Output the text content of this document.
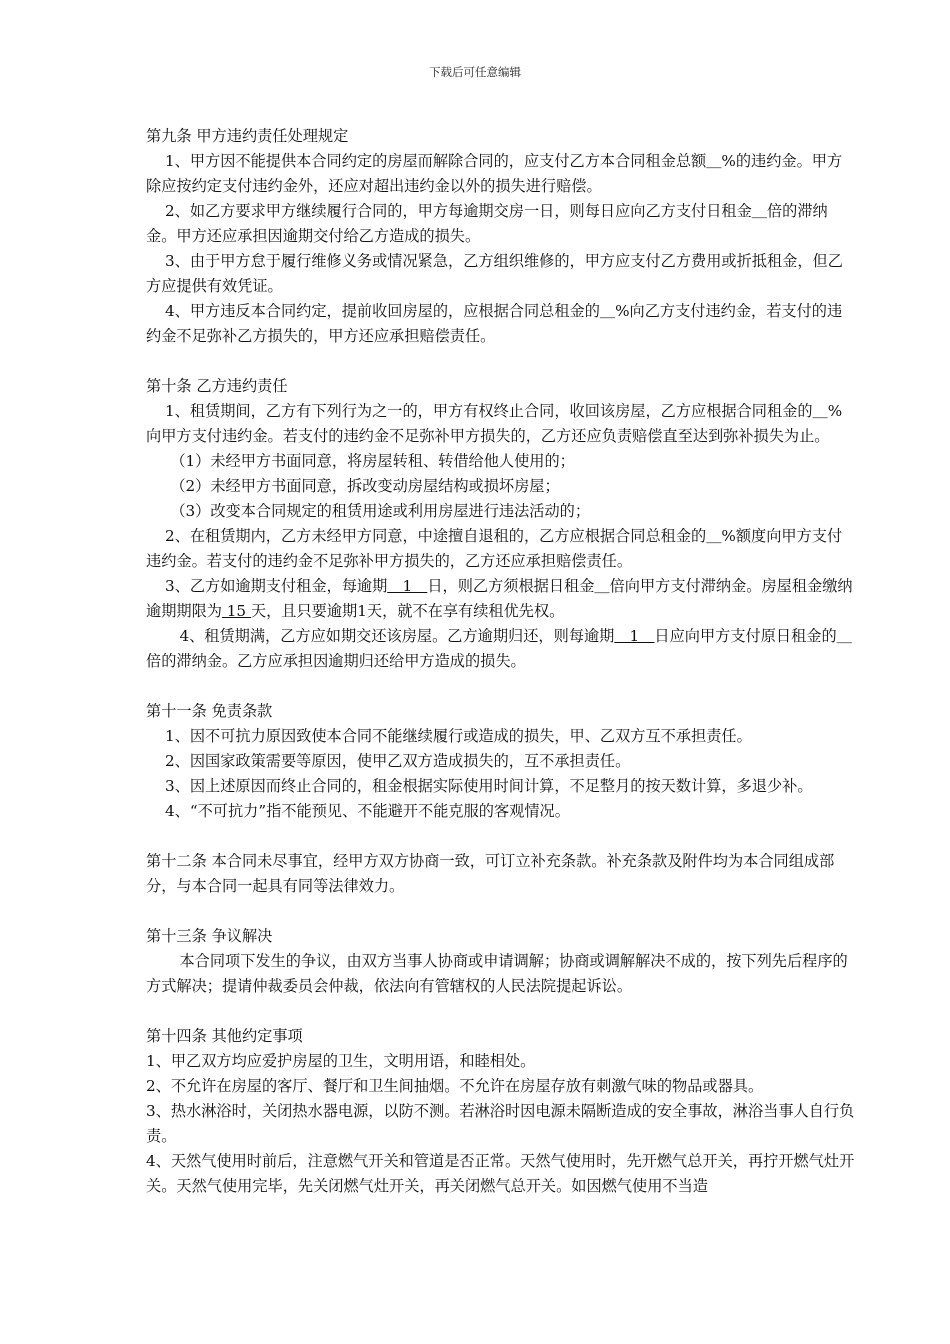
下载后可任意编辑

第九条 甲方违约责任处理规定

1、甲方因不能提供本合同约定的房屋而解除合同的，应支付乙方本合同租金总额＿%的违约金。甲方除应按约定支付违约金外，还应对超出违约金以外的损失进行赔偿。

2、如乙方要求甲方继续履行合同的，甲方每逾期交房一日，则每日应向乙方支付日租金＿倍的滞纳金。甲方还应承担因逾期交付给乙方造成的损失。

3、由于甲方怠于履行维修义务或情况紧急，乙方组织维修的，甲方应支付乙方费用或折抵租金，但乙方应提供有效凭证。

4、甲方违反本合同约定，提前收回房屋的，应根据合同总租金的＿%向乙方支付违约金，若支付的违约金不足弥补乙方损失的，甲方还应承担赔偿责任。

第十条 乙方违约责任

1、租赁期间，乙方有下列行为之一的，甲方有权终止合同，收回该房屋，乙方应根据合同租金的＿%向甲方支付违约金。若支付的违约金不足弥补甲方损失的，乙方还应负责赔偿直至达到弥补损失为止。

（1）未经甲方书面同意，将房屋转租、转借给他人使用的；

（2）未经甲方书面同意，拆改变动房屋结构或损坏房屋；

（3）改变本合同规定的租赁用途或利用房屋进行违法活动的；

2、在租赁期内，乙方未经甲方同意，中途擅自退租的，乙方应根据合同总租金的＿%额度向甲方支付违约金。若支付的违约金不足弥补甲方损失的，乙方还应承担赔偿责任。

3、乙方如逾期支付租金，每逾期　1　日，则乙方须根据日租金＿倍向甲方支付滞纳金。房屋租金缴纳逾期期限为 15 天，且只要逾期1天，就不在享有续租优先权。

4、租赁期满，乙方应如期交还该房屋。乙方逾期归还，则每逾期　1　日应向甲方支付原日租金的＿倍的滞纳金。乙方应承担因逾期归还给甲方造成的损失。

第十一条 免责条款

1、因不可抗力原因致使本合同不能继续履行或造成的损失，甲、乙双方互不承担责任。

2、因国家政策需要等原因，使甲乙双方造成损失的，互不承担责任。

3、因上述原因而终止合同的，租金根据实际使用时间计算，不足整月的按天数计算，多退少补。

4、“不可抗力”指不能预见、不能避开不能克服的客观情况。

第十二条 本合同未尽事宜，经甲方双方协商一致，可订立补充条款。补充条款及附件均为本合同组成部分，与本合同一起具有同等法律效力。

第十三条 争议解决

本合同项下发生的争议，由双方当事人协商或申请调解；协商或调解解决不成的，按下列先后程序的方式解决；提请仲裁委员会仲裁，依法向有管辖权的人民法院提起诉讼。

第十四条 其他约定事项

1、甲乙双方均应爱护房屋的卫生，文明用语，和睦相处。

2、不允许在房屋的客厅、餐厅和卫生间抽烟。不允许在房屋存放有刺激气味的物品或器具。

3、热水淋浴时，关闭热水器电源，以防不测。若淋浴时因电源未隔断造成的安全事故，淋浴当事人自行负责。

4、天然气使用时前后，注意燃气开关和管道是否正常。天然气使用时，先开燃气总开关，再拧开燃气灶开关。天然气使用完毕，先关闭燃气灶开关，再关闭燃气总开关。如因燃气使用不当造
